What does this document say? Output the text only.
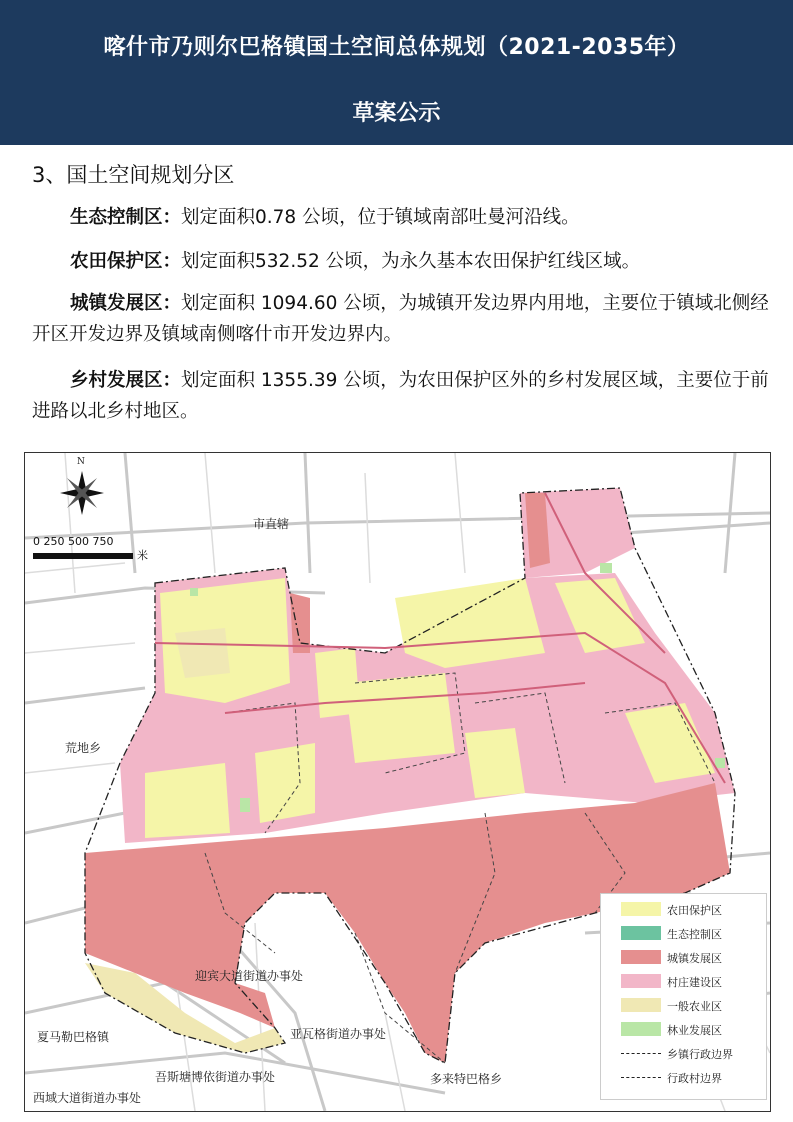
喀什市乃则尔巴格镇国土空间总体规划（2021-2035年）
草案公示
3、国土空间规划分区
生态控制区：划定面积0.78 公顷，位于镇域南部吐曼河沿线。
农田保护区：划定面积532.52 公顷，为永久基本农田保护红线区域。
城镇发展区：划定面积 1094.60 公顷，为城镇开发边界内用地，主要位于镇域北侧经开区开发边界及镇域南侧喀什市开发边界内。
乡村发展区：划定面积 1355.39 公顷，为农田保护区外的乡村发展区域，主要位于前进路以北乡村地区。
N
0 250 500 750
米
市直辖
荒地乡
迎宾大道街道办事处
夏马勒巴格镇	亚瓦格街道办事处
吾斯塘博依街道办事处	多来特巴格乡
西域大道街道办事处
农田保护区
生态控制区
城镇发展区
村庄建设区
一般农业区
林业发展区
乡镇行政边界
行政村边界
